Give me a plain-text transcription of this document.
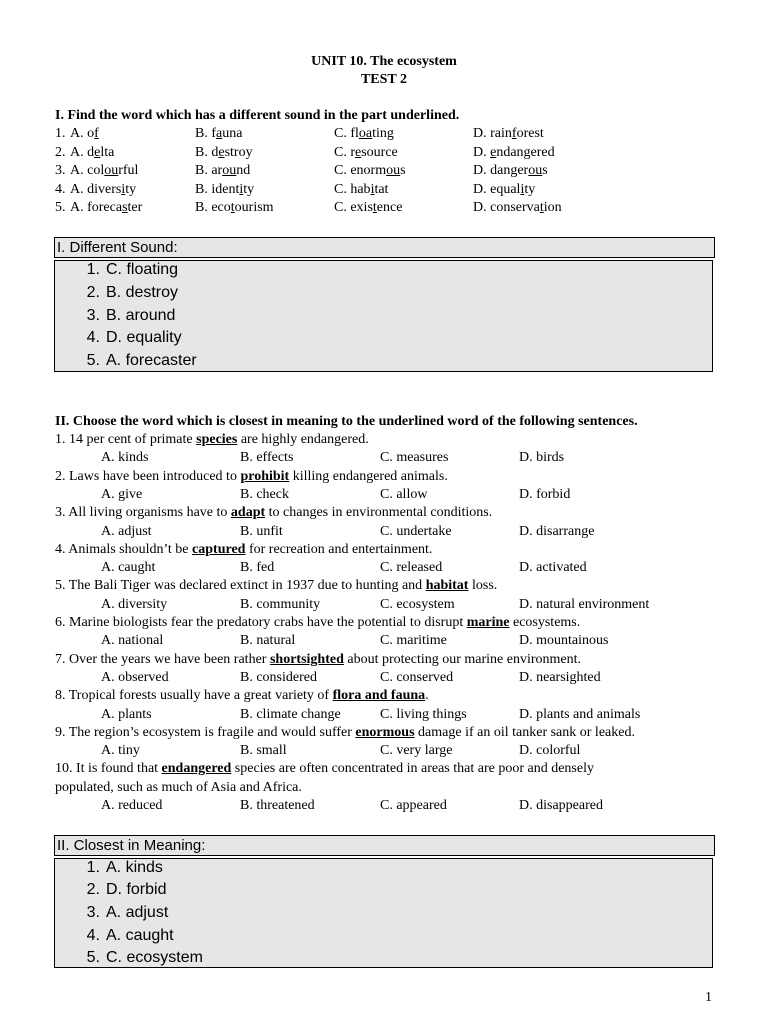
UNIT 10. The ecosystem
TEST 2
I. Find the word which has a different sound in the part underlined.
1. A. of	B. fauna	C. floating	D. rainforest
2. A. delta	B. destroy	C. resource	D. endangered
3. A. colourful	B. around	C. enormous	D. dangerous
4. A. diversity	B. identity	C. habitat	D. equality
5. A. forecaster	B. ecotourism	C. existence	D. conservation
I. Different Sound:
1. C. floating
2. B. destroy
3. B. around
4. D. equality
5. A. forecaster
II. Choose the word which is closest in meaning to the underlined word of the following sentences.
1. 14 per cent of primate species are highly endangered.
A. kinds	B. effects	C. measures	D. birds
2. Laws have been introduced to prohibit killing endangered animals.
A. give	B. check	C. allow	D. forbid
3. All living organisms have to adapt to changes in environmental conditions.
A. adjust	B. unfit	C. undertake	D. disarrange
4. Animals shouldn’t be captured for recreation and entertainment.
A. caught	B. fed	C. released	D. activated
5. The Bali Tiger was declared extinct in 1937 due to hunting and habitat loss.
A. diversity	B. community	C. ecosystem	D. natural environment
6. Marine biologists fear the predatory crabs have the potential to disrupt marine ecosystems.
A. national	B. natural	C. maritime	D. mountainous
7. Over the years we have been rather shortsighted about protecting our marine environment.
A. observed	B. considered	C. conserved	D. nearsighted
8. Tropical forests usually have a great variety of flora and fauna.
A. plants	B. climate change	C. living things	D. plants and animals
9. The region’s ecosystem is fragile and would suffer enormous damage if an oil tanker sank or leaked.
A. tiny	B. small	C. very large	D. colorful
10. It is found that endangered species are often concentrated in areas that are poor and densely
populated, such as much of Asia and Africa.
A. reduced	B. threatened	C. appeared	D. disappeared
II. Closest in Meaning:
1. A. kinds
2. D. forbid
3. A. adjust
4. A. caught
5. C. ecosystem
1
